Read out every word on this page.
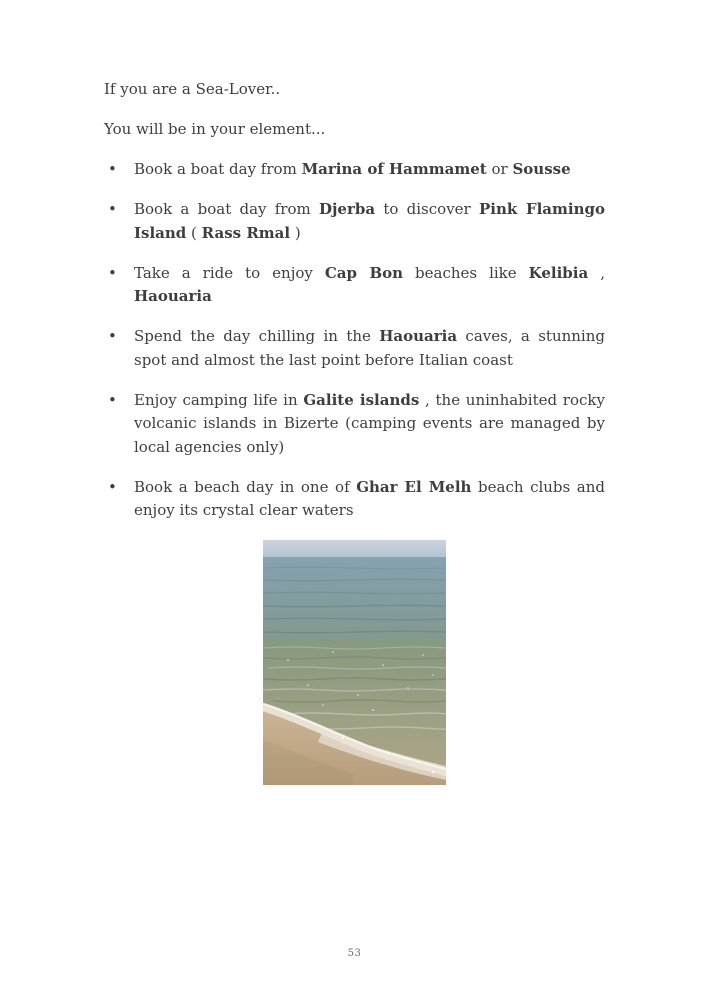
If you are a Sea-Lover..

You will be in your element...

• Book a boat day from Marina of Hammamet or Sousse
• Book a boat day from Djerba to discover Pink Flamingo Island ( Rass Rmal )
• Take a ride to enjoy Cap Bon beaches like Kelibia , Haouaria
• Spend the day chilling in the Haouaria caves, a stunning spot and almost the last point before Italian coast
• Enjoy camping life in Galite islands , the uninhabited rocky volcanic islands in Bizerte (camping events are managed by local agencies only)
• Book a beach day in one of Ghar El Melh beach clubs and enjoy its crystal clear waters
53
